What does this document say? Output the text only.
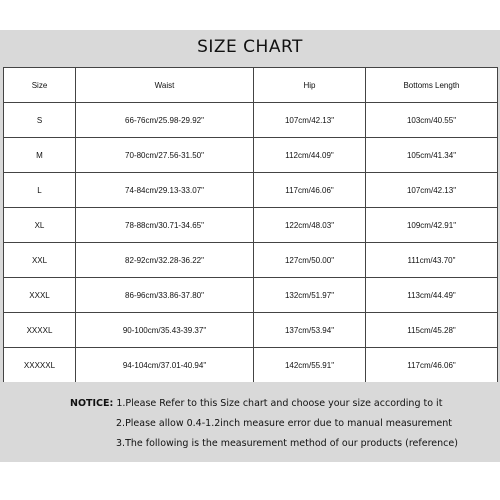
SIZE CHART
Size	Waist	Hip	Bottoms Length
S	66-76cm/25.98-29.92"	107cm/42.13"	103cm/40.55"
M	70-80cm/27.56-31.50"	112cm/44.09"	105cm/41.34"
L	74-84cm/29.13-33.07"	117cm/46.06"	107cm/42.13"
XL	78-88cm/30.71-34.65"	122cm/48.03"	109cm/42.91"
XXL	82-92cm/32.28-36.22"	127cm/50.00"	111cm/43.70"
XXXL	86-96cm/33.86-37.80"	132cm/51.97"	113cm/44.49"
XXXXL	90-100cm/35.43-39.37"	137cm/53.94"	115cm/45.28"
XXXXXL	94-104cm/37.01-40.94"	142cm/55.91"	117cm/46.06"
NOTICE: 1.Please Refer to this Size chart and choose your size according to it
2.Please allow 0.4-1.2inch measure error due to manual measurement
3.The following is the measurement method of our products (reference)
